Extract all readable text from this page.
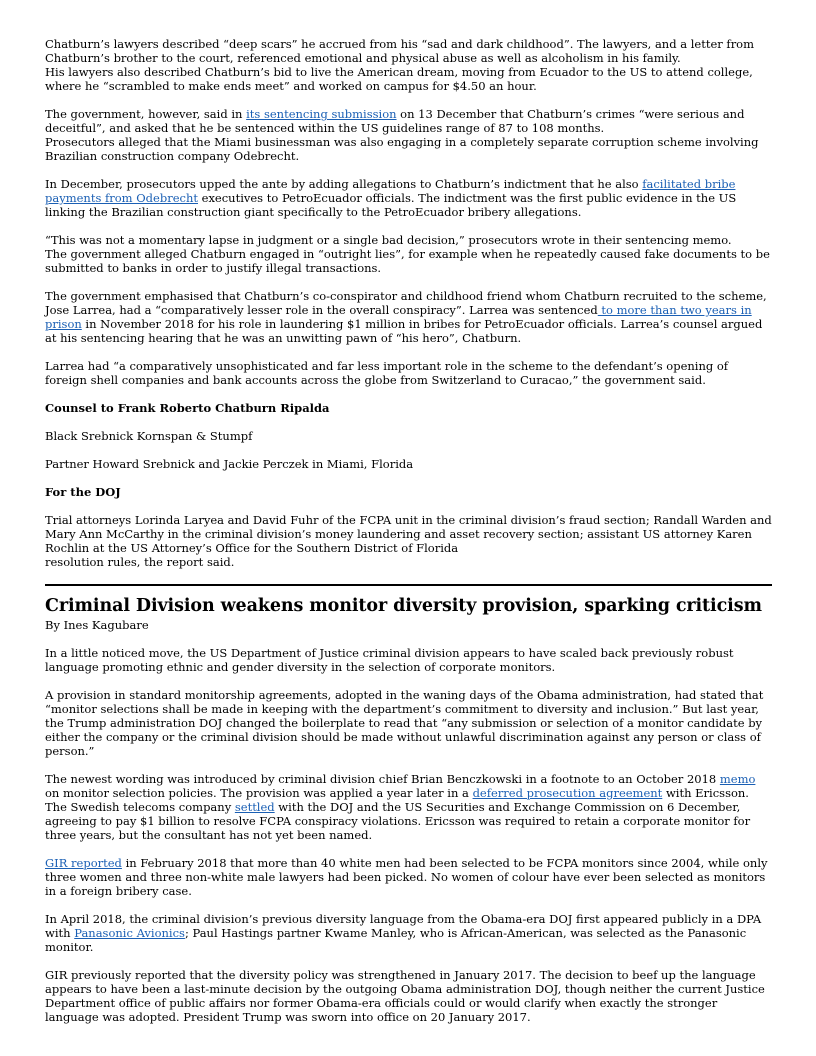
Chatburn’s lawyers described “deep scars” he accrued from his “sad and dark childhood”. The lawyers, and a letter from Chatburn’s brother to the court, referenced emotional and physical abuse as well as alcoholism in his family.

His lawyers also described Chatburn’s bid to live the American dream, moving from Ecuador to the US to attend college, where he “scrambled to make ends meet” and worked on campus for $4.50 an hour.

The government, however, said in its sentencing submission on 13 December that Chatburn’s crimes “were serious and deceitful”, and asked that he be sentenced within the US guidelines range of 87 to 108 months.

Prosecutors alleged that the Miami businessman was also engaging in a completely separate corruption scheme involving Brazilian construction company Odebrecht.

In December, prosecutors upped the ante by adding allegations to Chatburn’s indictment that he also facilitated bribe payments from Odebrecht executives to PetroEcuador officials. The indictment was the first public evidence in the US linking the Brazilian construction giant specifically to the PetroEcuador bribery allegations.

“This was not a momentary lapse in judgment or a single bad decision,” prosecutors wrote in their sentencing memo.

The government alleged Chatburn engaged in “outright lies”, for example when he repeatedly caused fake documents to be submitted to banks in order to justify illegal transactions.

The government emphasised that Chatburn’s co-conspirator and childhood friend whom Chatburn recruited to the scheme, Jose Larrea, had a “comparatively lesser role in the overall conspiracy”. Larrea was sentenced to more than two years in prison in November 2018 for his role in laundering $1 million in bribes for PetroEcuador officials. Larrea’s counsel argued at his sentencing hearing that he was an unwitting pawn of “his hero”, Chatburn.

Larrea had “a comparatively unsophisticated and far less important role in the scheme to the defendant’s opening of foreign shell companies and bank accounts across the globe from Switzerland to Curacao,” the government said.

Counsel to Frank Roberto Chatburn Ripalda

Black Srebnick Kornspan & Stumpf

Partner Howard Srebnick and Jackie Perczek in Miami, Florida

For the DOJ

Trial attorneys Lorinda Laryea and David Fuhr of the FCPA unit in the criminal division’s fraud section; Randall Warden and Mary Ann McCarthy in the criminal division’s money laundering and asset recovery section; assistant US attorney Karen Rochlin at the US Attorney’s Office for the Southern District of Florida

resolution rules, the report said.

Criminal Division weakens monitor diversity provision, sparking criticism

By Ines Kagubare

In a little noticed move, the US Department of Justice criminal division appears to have scaled back previously robust language promoting ethnic and gender diversity in the selection of corporate monitors.

A provision in standard monitorship agreements, adopted in the waning days of the Obama administration, had stated that “monitor selections shall be made in keeping with the department’s commitment to diversity and inclusion.” But last year, the Trump administration DOJ changed the boilerplate to read that “any submission or selection of a monitor candidate by either the company or the criminal division should be made without unlawful discrimination against any person or class of person.”

The newest wording was introduced by criminal division chief Brian Benczkowski in a footnote to an October 2018 memo on monitor selection policies. The provision was applied a year later in a deferred prosecution agreement with Ericsson. The Swedish telecoms company settled with the DOJ and the US Securities and Exchange Commission on 6 December, agreeing to pay $1 billion to resolve FCPA conspiracy violations. Ericsson was required to retain a corporate monitor for three years, but the consultant has not yet been named.

GIR reported in February 2018 that more than 40 white men had been selected to be FCPA monitors since 2004, while only three women and three non-white male lawyers had been picked. No women of colour have ever been selected as monitors in a foreign bribery case.

In April 2018, the criminal division’s previous diversity language from the Obama-era DOJ first appeared publicly in a DPA with Panasonic Avionics; Paul Hastings partner Kwame Manley, who is African-American, was selected as the Panasonic monitor.

GIR previously reported that the diversity policy was strengthened in January 2017. The decision to beef up the language appears to have been a last-minute decision by the outgoing Obama administration DOJ, though neither the current Justice Department office of public affairs nor former Obama-era officials could or would clarify when exactly the stronger language was adopted. President Trump was sworn into office on 20 January 2017.
